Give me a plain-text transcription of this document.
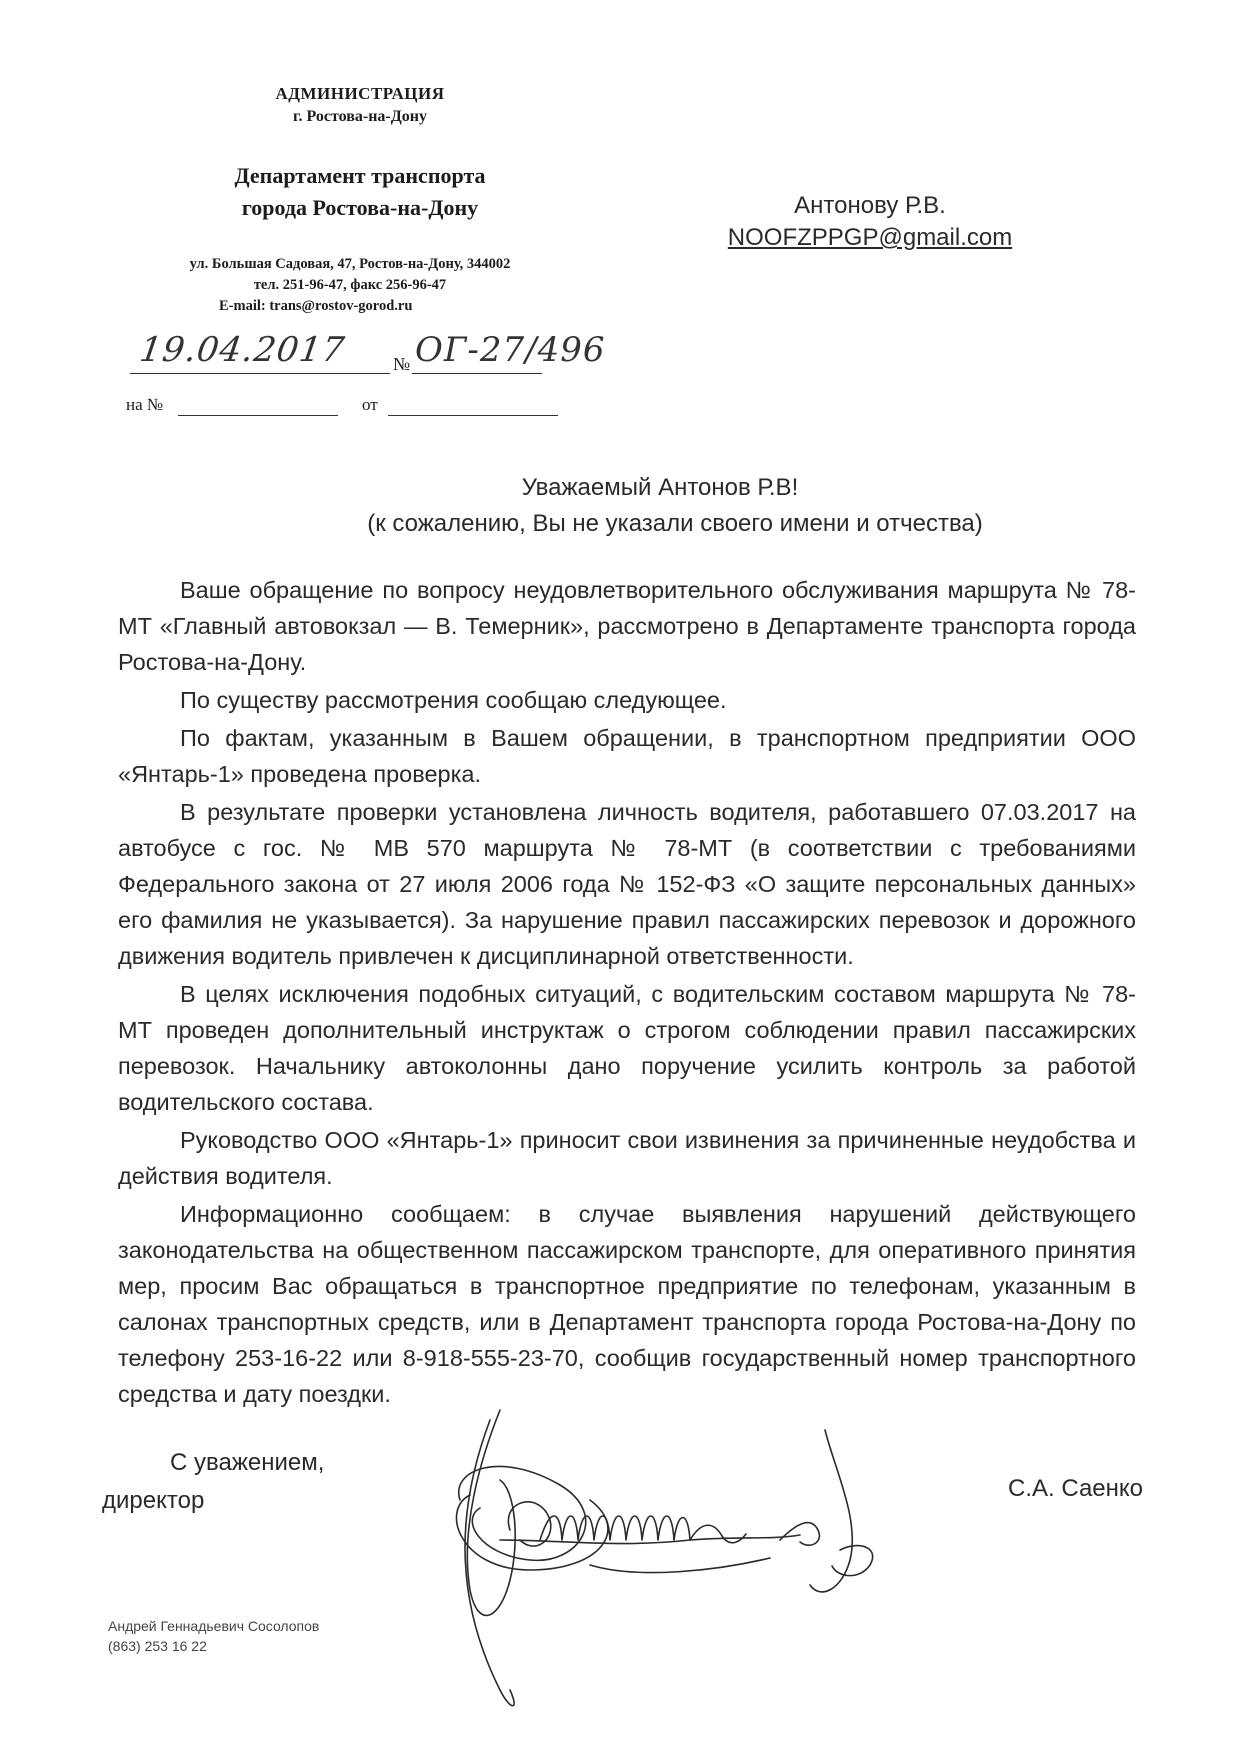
АДМИНИСТРАЦИЯ
г. Ростова-на-Дону
Департамент транспорта
города Ростова-на-Дону
ул. Большая Садовая, 47, Ростов-на-Дону, 344002
тел. 251-96-47, факс 256-96-47
E-mail: trans@rostov-gorod.ru
19.04.2017	№ ОГ-27/496
на №	от
Антонову Р.В.
NOOFZPPGP@gmail.com
Уважаемый Антонов Р.В!
(к сожалению, Вы не указали своего имени и отчества)

Ваше обращение по вопросу неудовлетворительного обслуживания маршрута № 78-МТ «Главный автовокзал — В. Темерник», рассмотрено в Департаменте транспорта города Ростова-на-Дону.

По существу рассмотрения сообщаю следующее.

По фактам, указанным в Вашем обращении, в транспортном предприятии ООО «Янтарь-1» проведена проверка.

В результате проверки установлена личность водителя, работавшего 07.03.2017 на автобусе с гос. № МВ 570 маршрута № 78-МТ (в соответствии с требованиями Федерального закона от 27 июля 2006 года № 152-ФЗ «О защите персональных данных» его фамилия не указывается). За нарушение правил пассажирских перевозок и дорожного движения водитель привлечен к дисциплинарной ответственности.

В целях исключения подобных ситуаций, с водительским составом маршрута № 78-МТ проведен дополнительный инструктаж о строгом соблюдении правил пассажирских перевозок. Начальнику автоколонны дано поручение усилить контроль за работой водительского состава.

Руководство ООО «Янтарь-1» приносит свои извинения за причиненные неудобства и действия водителя.

Информационно сообщаем: в случае выявления нарушений действующего законодательства на общественном пассажирском транспорте, для оперативного принятия мер, просим Вас обращаться в транспортное предприятие по телефонам, указанным в салонах транспортных средств, или в Департамент транспорта города Ростова-на-Дону по телефону 253-16-22 или 8-918-555-23-70, сообщив государственный номер транспортного средства и дату поездки.

С уважением,
директор	С.А. Саенко
Андрей Геннадьевич Сосолопов
(863) 253 16 22
